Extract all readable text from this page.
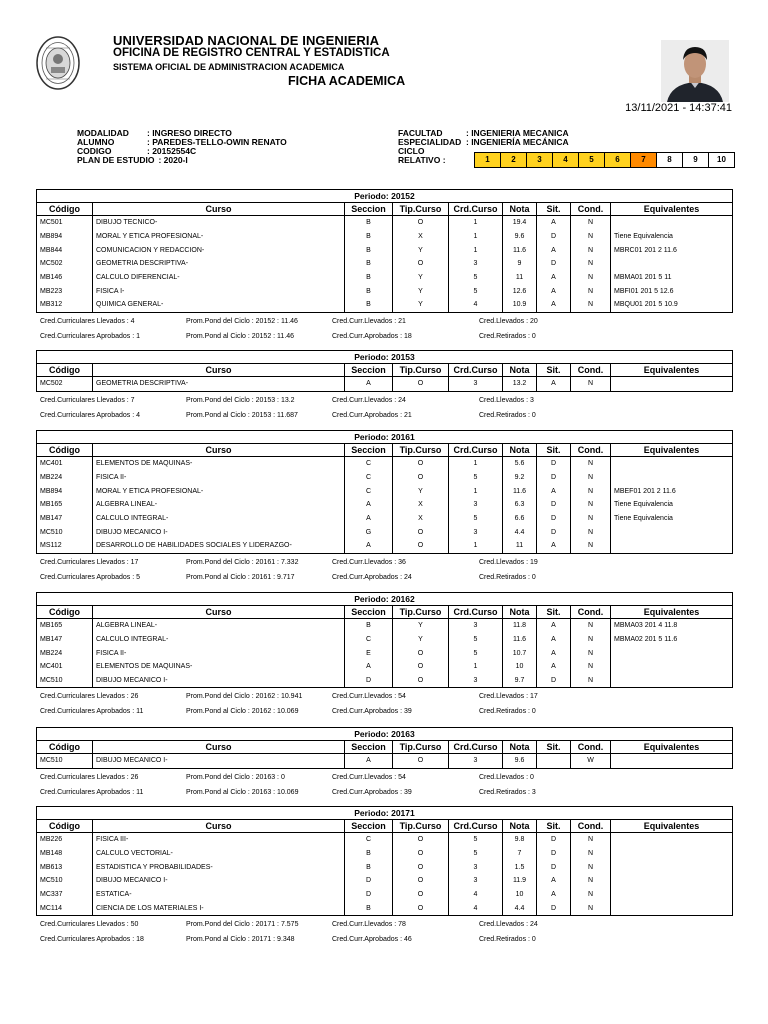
UNIVERSIDAD NACIONAL DE INGENIERIA
OFICINA DE REGISTRO CENTRAL Y ESTADISTICA
SISTEMA OFICIAL DE ADMINISTRACION ACADEMICA
FICHA ACADEMICA
13/11/2021 - 14:37:41
MODALIDAD	: INGRESO DIRECTO
ALUMNO	: PAREDES-TELLO-OWIN RENATO
CODIGO	: 20152554C
PLAN DE ESTUDIO : 2020-I
FACULTAD	: INGENIERIA MECANICA
ESPECIALIDAD : INGENIERÍA MECÁNICA
CICLO RELATIVO :	1	2	3	4	5	6	7	8	9	10
Periodo: 20152								
Código	Curso	Seccion	Tip.Curso	Crd.Curso	Nota	Sit.	Cond.	Equivalentes
MC501	DIBUJO TECNICO-	B	O	1	19.4	A	N	
MB894	MORAL Y ETICA PROFESIONAL-	B	X	1	9.6	D	N	Tiene Equivalencia
MB844	COMUNICACION Y REDACCION-	B	Y	1	11.6	A	N	MBRC01 201 2 11.6
MC502	GEOMETRIA DESCRIPTIVA-	B	O	3	9	D	N	
MB146	CALCULO DIFERENCIAL-	B	Y	5	11	A	N	MBMA01 201 5 11
MB223	FISICA I-	B	Y	5	12.6	A	N	MBFI01 201 5 12.6
MB312	QUIMICA GENERAL-	B	Y	4	10.9	A	N	MBQU01 201 5 10.9
Cred.Curriculares Llevados : 4	Prom.Pond del Ciclo : 20152 : 11.46	Cred.Curr.Llevados : 21	Cred.Llevados : 20
Cred.Curriculares Aprobados : 1	Prom.Pond al Ciclo : 20152 : 11.46	Cred.Curr.Aprobados : 18	Cred.Retirados : 0
Periodo: 20153								
Código	Curso	Seccion	Tip.Curso	Crd.Curso	Nota	Sit.	Cond.	Equivalentes
MC502	GEOMETRIA DESCRIPTIVA-	A	O	3	13.2	A	N	
Cred.Curriculares Llevados : 7	Prom.Pond del Ciclo : 20153 : 13.2	Cred.Curr.Llevados : 24	Cred.Llevados : 3
Cred.Curriculares Aprobados : 4	Prom.Pond al Ciclo : 20153 : 11.687	Cred.Curr.Aprobados : 21	Cred.Retirados : 0
Periodo: 20161								
Código	Curso	Seccion	Tip.Curso	Crd.Curso	Nota	Sit.	Cond.	Equivalentes
MC401	ELEMENTOS DE MAQUINAS-	C	O	1	5.6	D	N	
MB224	FISICA II-	C	O	5	9.2	D	N	
MB894	MORAL Y ETICA PROFESIONAL-	C	Y	1	11.6	A	N	MBEF01 201 2 11.6
MB165	ALGEBRA LINEAL-	A	X	3	6.3	D	N	Tiene Equivalencia
MB147	CALCULO INTEGRAL-	A	X	5	6.6	D	N	Tiene Equivalencia
MC510	DIBUJO MECANICO I-	G	O	3	4.4	D	N	
MS112	DESARROLLO DE HABILIDADES SOCIALES Y LIDERAZGO-	A	O	1	11	A	N	
Cred.Curriculares Llevados : 17	Prom.Pond del Ciclo : 20161 : 7.332	Cred.Curr.Llevados : 36	Cred.Llevados : 19
Cred.Curriculares Aprobados : 5	Prom.Pond al Ciclo : 20161 : 9.717	Cred.Curr.Aprobados : 24	Cred.Retirados : 0
Periodo: 20162								
Código	Curso	Seccion	Tip.Curso	Crd.Curso	Nota	Sit.	Cond.	Equivalentes
MB165	ALGEBRA LINEAL-	B	Y	3	11.8	A	N	MBMA03 201 4 11.8
MB147	CALCULO INTEGRAL-	C	Y	5	11.6	A	N	MBMA02 201 5 11.6
MB224	FISICA II-	E	O	5	10.7	A	N	
MC401	ELEMENTOS DE MAQUINAS-	A	O	1	10	A	N	
MC510	DIBUJO MECANICO I-	D	O	3	9.7	D	N	
Cred.Curriculares Llevados : 26	Prom.Pond del Ciclo : 20162 : 10.941	Cred.Curr.Llevados : 54	Cred.Llevados : 17
Cred.Curriculares Aprobados : 11	Prom.Pond al Ciclo : 20162 : 10.069	Cred.Curr.Aprobados : 39	Cred.Retirados : 0
Periodo: 20163								
Código	Curso	Seccion	Tip.Curso	Crd.Curso	Nota	Sit.	Cond.	Equivalentes
MC510	DIBUJO MECANICO I-	A	O	3	9.6		W	
Cred.Curriculares Llevados : 26	Prom.Pond del Ciclo : 20163 : 0	Cred.Curr.Llevados : 54	Cred.Llevados : 0
Cred.Curriculares Aprobados : 11	Prom.Pond al Ciclo : 20163 : 10.069	Cred.Curr.Aprobados : 39	Cred.Retirados : 3
Periodo: 20171								
Código	Curso	Seccion	Tip.Curso	Crd.Curso	Nota	Sit.	Cond.	Equivalentes
MB226	FISICA III-	C	O	5	9.8	D	N	
MB148	CALCULO VECTORIAL-	B	O	5	7	D	N	
MB613	ESTADISTICA Y PROBABILIDADES-	B	O	3	1.5	D	N	
MC510	DIBUJO MECANICO I-	D	O	3	11.9	A	N	
MC337	ESTATICA-	D	O	4	10	A	N	
MC114	CIENCIA DE LOS MATERIALES I-	B	O	4	4.4	D	N	
Cred.Curriculares Llevados : 50	Prom.Pond del Ciclo : 20171 : 7.575	Cred.Curr.Llevados : 78	Cred.Llevados : 24
Cred.Curriculares Aprobados : 18	Prom.Pond al Ciclo : 20171 : 9.348	Cred.Curr.Aprobados : 46	Cred.Retirados : 0
